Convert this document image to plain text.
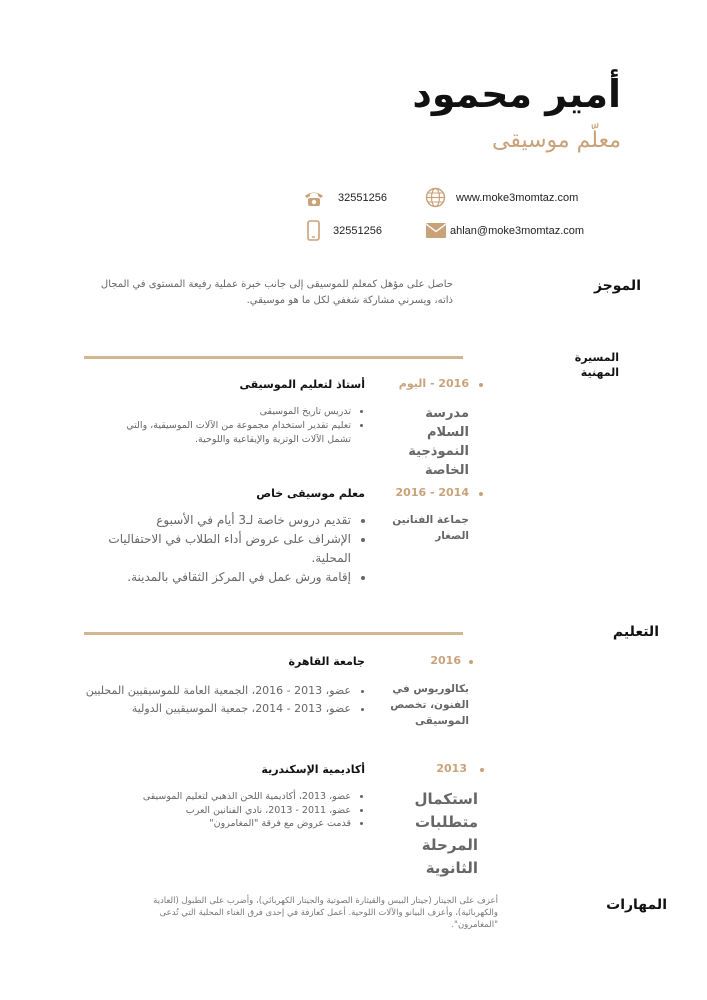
أمير محمود
معلّم موسيقى
32551256	www.moke3momtaz.com
32551256	ahlan@moke3momtaz.com
الموجز
حاصل على مؤهل كمعلم للموسيقى إلى جانب خبرة عملية رفيعة المستوى في المجال ذاته، ويسرني مشاركة شغفي لكل ما هو موسيقي.
المسيرة المهنية
2016 - اليوم
أستاذ لتعليم الموسيقى
مدرسة السلام النموذجية الخاصة
• تدريس تاريخ الموسيقى
• تعليم تقدير استخدام مجموعة من الآلات الموسيقية، والتي تشمل الآلات الوترية والإيقاعية واللوحية.
2014 - 2016
معلم موسيقى خاص
جماعة الفنانين الصغار
• تقديم دروس خاصة لـ3 أيام في الأسبوع
• الإشراف على عروض أداء الطلاب في الاحتفاليات المحلية.
• إقامة ورش عمل في المركز الثقافي بالمدينة.
التعليم
2016
جامعة القاهرة
بكالوريوس في الفنون، تخصص الموسيقى
• عضو، 2013 - 2016، الجمعية العامة للموسيقيين المحليين
• عضو، 2013 - 2014، جمعية الموسيقيين الدولية
2013
أكاديمية الإسكندرية
استكمال متطلبات المرحلة الثانوية
• عضو، 2013، أكاديمية اللحن الذهبي لتعليم الموسيقى
• عضو، 2011 - 2013، نادي الفنانين العرب
• قدمت عروض مع فرقة "المغامرون"
المهارات
أعزف على الجيتار (جيتار البيس والقيثارة الصوتية والجيتار الكهربائي)، وأضرب على الطبول (العادية والكهربائية)، وأعزف البيانو والآلات اللوحية. أعمل كعازفة في إحدى فرق الغناء المحلية التي تُدعى "المغامرون".
